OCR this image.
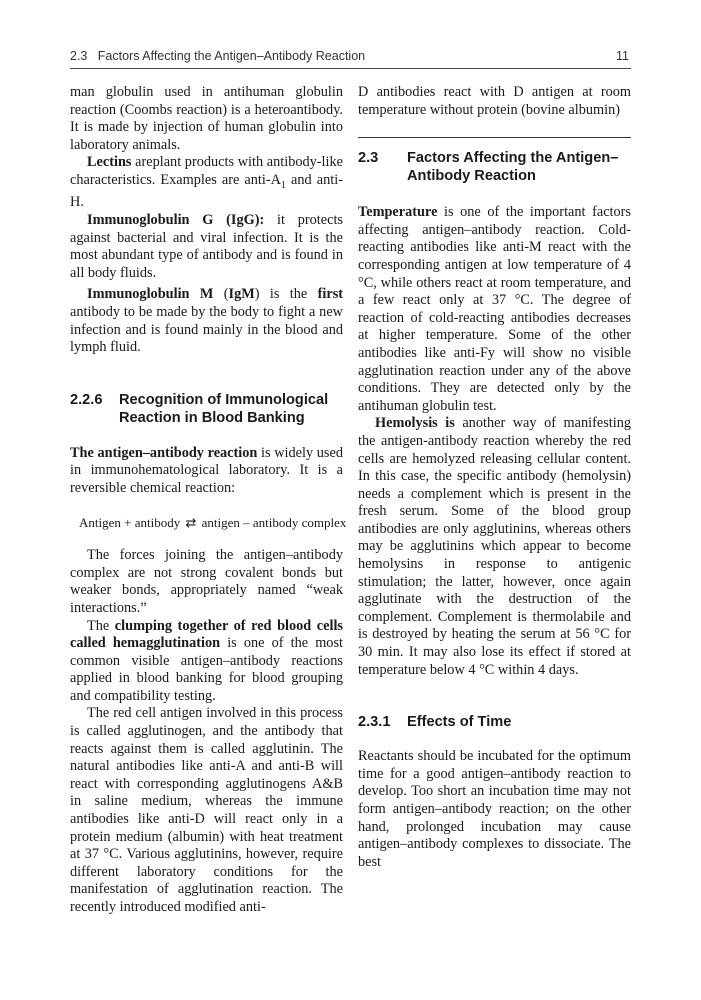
2.3   Factors Affecting the Antigen–Antibody Reaction	11

man globulin used in antihuman globulin reaction (Coombs reaction) is a heteroantibody. It is made by injection of human globulin into laboratory animals.

Lectins areplant products with antibody-like characteristics. Examples are anti-$A_1$ and anti-H.

Immunoglobulin G (IgG): it protects against bacterial and viral infection. It is the most abundant type of antibody and is found in all body fluids.

Immunoglobulin M (IgM) is the first antibody to be made by the body to fight a new infection and is found mainly in the blood and lymph fluid.

2.2.6	Recognition of Immunological Reaction in Blood Banking

The antigen–antibody reaction is widely used in immunohematological laboratory. It is a reversible chemical reaction:

Antigen + antibody ⇄ antigen – antibody complex

The forces joining the antigen–antibody complex are not strong covalent bonds but weaker bonds, appropriately named “weak interactions.”

The clumping together of red blood cells called hemagglutination is one of the most common visible antigen–antibody reactions applied in blood banking for blood grouping and compatibility testing.

The red cell antigen involved in this process is called agglutinogen, and the antibody that reacts against them is called agglutinin. The natural antibodies like anti-A and anti-B will react with corresponding agglutinogens A&B in saline medium, whereas the immune antibodies like anti-D will react only in a protein medium (albumin) with heat treatment at 37 °C. Various agglutinins, however, require different laboratory conditions for the manifestation of agglutination reaction. The recently introduced modified anti-

D antibodies react with D antigen at room temperature without protein (bovine albumin)

2.3	Factors Affecting the Antigen–Antibody Reaction

Temperature is one of the important factors affecting antigen–antibody reaction. Cold-reacting antibodies like anti-M react with the corresponding antigen at low temperature of 4 °C, while others react at room temperature, and a few react only at 37 °C. The degree of reaction of cold-reacting antibodies decreases at higher temperature. Some of the other antibodies like anti-Fy will show no visible agglutination reaction under any of the above conditions. They are detected only by the antihuman globulin test.

Hemolysis is another way of manifesting the antigen-antibody reaction whereby the red cells are hemolyzed releasing cellular content. In this case, the specific antibody (hemolysin) needs a complement which is present in the fresh serum. Some of the blood group antibodies are only agglutinins, whereas others may be agglutinins which appear to become hemolysins in response to antigenic stimulation; the latter, however, once again agglutinate with the destruction of the complement. Complement is thermolabile and is destroyed by heating the serum at 56 °C for 30 min. It may also lose its effect if stored at temperature below 4 °C within 4 days.

2.3.1	Effects of Time

Reactants should be incubated for the optimum time for a good antigen–antibody reaction to develop. Too short an incubation time may not form antigen–antibody reaction; on the other hand, prolonged incubation may cause antigen–antibody complexes to dissociate. The best
